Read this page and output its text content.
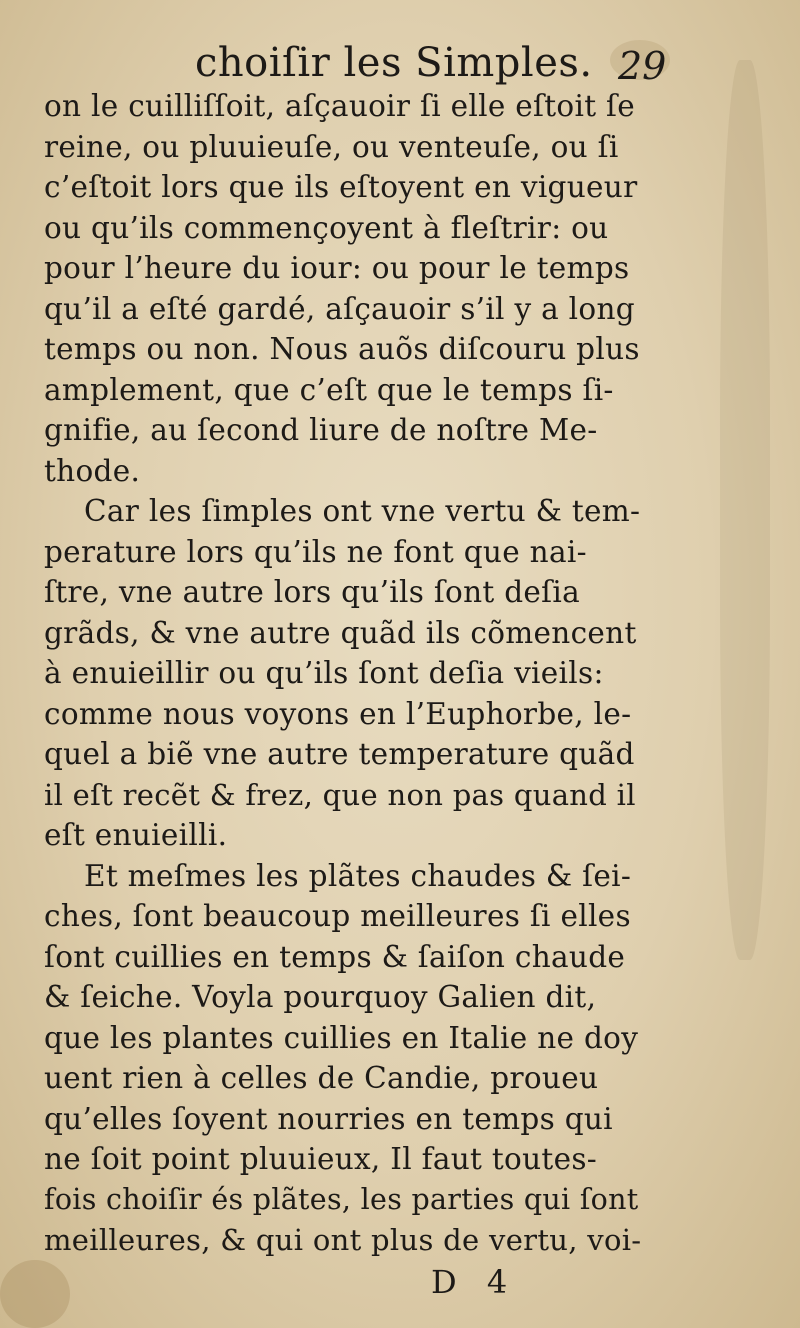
choiſir les Simples. 29
on le cuilliſſoit, aſçauoir ſi elle eſtoit ſe
reine, ou pluuieuſe, ou venteuſe, ou ſi
c’eſtoit lors que ils eſtoyent en vigueur
ou qu’ils commençoyent à fleſtrir: ou
pour l’heure du iour: ou pour le temps
qu’il a eſté gardé, aſçauoir s’il y a long
temps ou non. Nous auõs diſcouru plus
amplement, que c’eſt que le temps ſi-
gnifie, au ſecond liure de noſtre Me-
thode.
Car les ſimples ont vne vertu & tem-
perature lors qu’ils ne font que nai-
ſtre, vne autre lors qu’ils ſont deſia
grãds, & vne autre quãd ils cõmencent
à enuieillir ou qu’ils ſont deſia vieils:
comme nous voyons en l’Euphorbe, le-
quel a biẽ vne autre temperature quãd
il eſt recẽt & frez, que non pas quand il
eſt enuieilli.
Et meſmes les plãtes chaudes & ſei-
ches, ſont beaucoup meilleures ſi elles
ſont cuillies en temps & ſaiſon chaude
& ſeiche. Voyla pourquoy Galien dit,
que les plantes cuillies en Italie ne doy
uent rien à celles de Candie, proueu
qu’elles ſoyent nourries en temps qui
ne ſoit point pluuieux, Il faut toutes-
fois choiſir és plãtes, les parties qui ſont
meilleures, & qui ont plus de vertu, voi-
D 4
